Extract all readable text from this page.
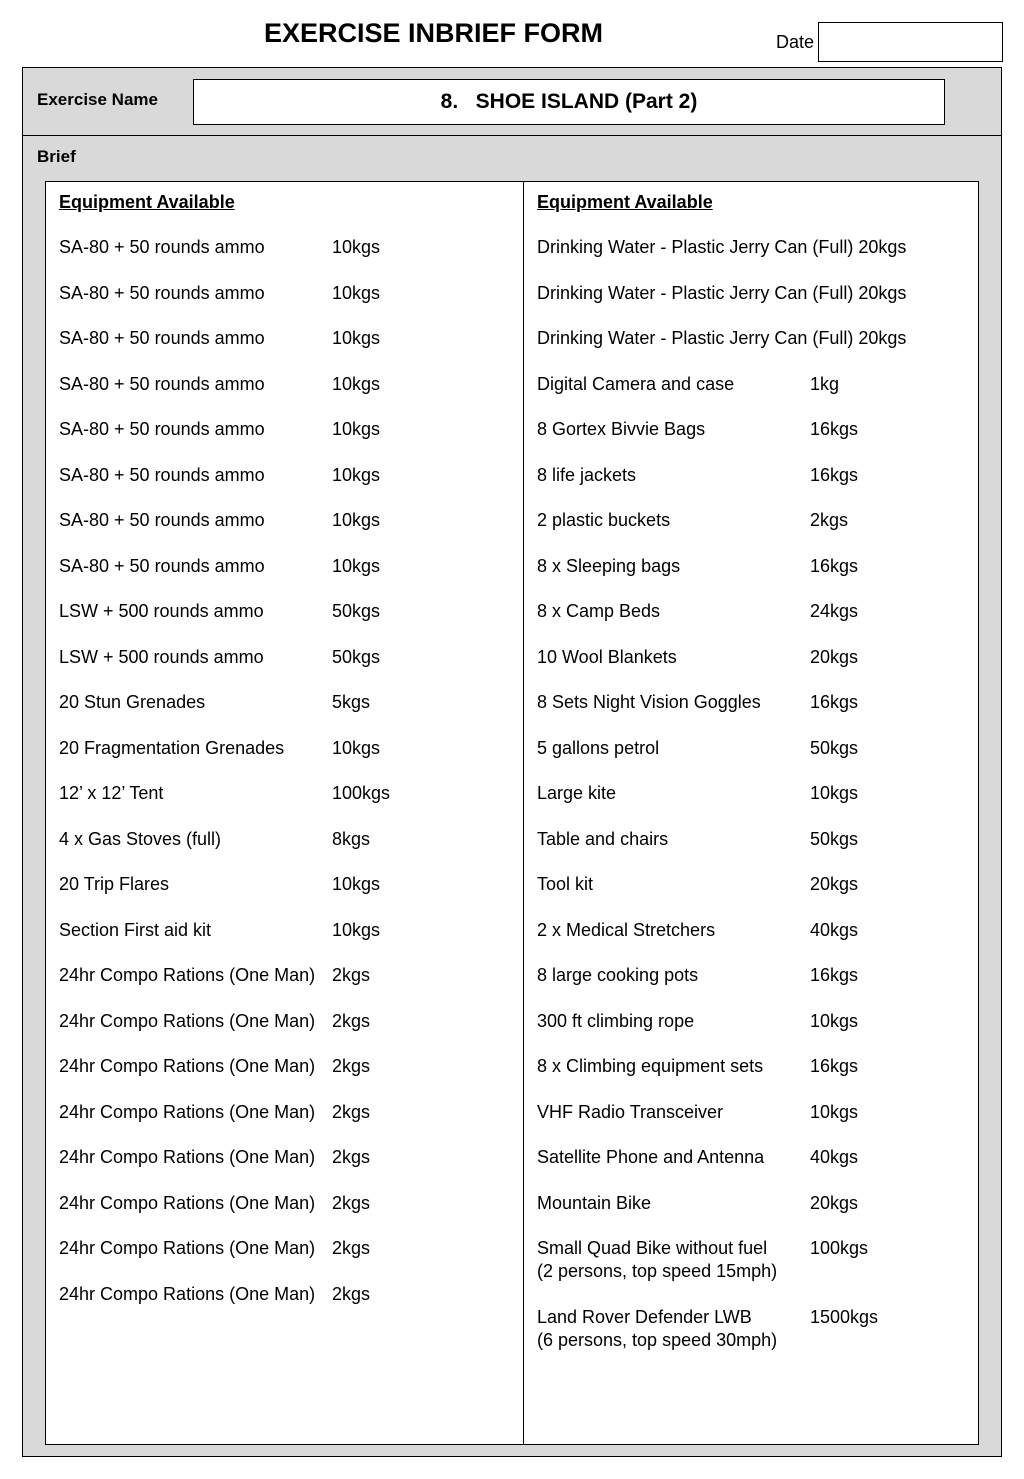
EXERCISE INBRIEF FORM	Date
Exercise Name	8.   SHOE ISLAND (Part 2)
Brief
Equipment Available
SA-80 + 50 rounds ammo	10kgs
SA-80 + 50 rounds ammo	10kgs
SA-80 + 50 rounds ammo	10kgs
SA-80 + 50 rounds ammo	10kgs
SA-80 + 50 rounds ammo	10kgs
SA-80 + 50 rounds ammo	10kgs
SA-80 + 50 rounds ammo	10kgs
SA-80 + 50 rounds ammo	10kgs
LSW + 500 rounds ammo	50kgs
LSW + 500 rounds ammo	50kgs
20 Stun Grenades	5kgs
20 Fragmentation Grenades	10kgs
12’ x 12’ Tent	100kgs
4 x Gas Stoves (full)	8kgs
20 Trip Flares	10kgs
Section First aid kit	10kgs
24hr Compo Rations (One Man) 2kgs
24hr Compo Rations (One Man) 2kgs
24hr Compo Rations (One Man) 2kgs
24hr Compo Rations (One Man) 2kgs
24hr Compo Rations (One Man) 2kgs
24hr Compo Rations (One Man) 2kgs
24hr Compo Rations (One Man) 2kgs
24hr Compo Rations (One Man) 2kgs
Equipment Available
Drinking Water - Plastic Jerry Can (Full) 20kgs
Drinking Water - Plastic Jerry Can (Full) 20kgs
Drinking Water - Plastic Jerry Can (Full) 20kgs
Digital Camera and case	1kg
8 Gortex Bivvie Bags	16kgs
8 life jackets	16kgs
2 plastic buckets	2kgs
8 x Sleeping bags	16kgs
8 x Camp Beds	24kgs
10 Wool Blankets	20kgs
8 Sets Night Vision Goggles	16kgs
5 gallons petrol	50kgs
Large kite	10kgs
Table and chairs	50kgs
Tool kit	20kgs
2 x Medical Stretchers	40kgs
8 large cooking pots	16kgs
300 ft climbing rope	10kgs
8 x Climbing equipment sets	16kgs
VHF Radio Transceiver	10kgs
Satellite Phone and Antenna	40kgs
Mountain Bike	20kgs
Small Quad Bike without fuel 100kgs
(2 persons, top speed 15mph)
Land Rover Defender LWB	1500kgs
(6 persons, top speed 30mph)
